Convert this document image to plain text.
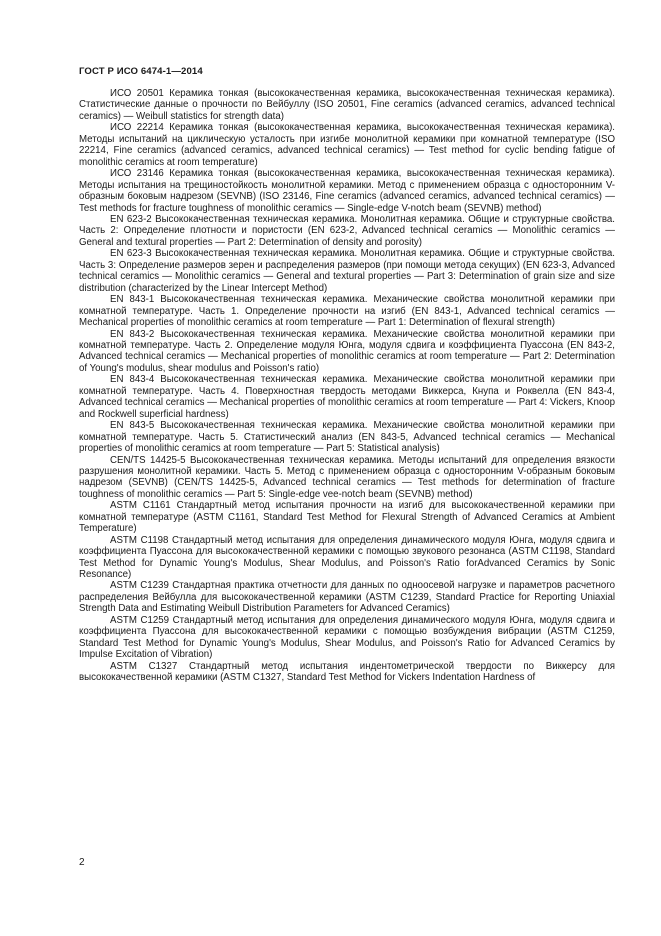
ГОСТ Р ИСО 6474-1—2014

ИСО 20501 Керамика тонкая (высококачественная керамика, высококачественная техническая керамика). Статистические данные о прочности по Вейбуллу (ISO 20501, Fine ceramics (advanced ceramics, advanced technical ceramics) — Weibull statistics for strength data)

ИСО 22214 Керамика тонкая (высококачественная керамика, высококачественная техническая керамика). Методы испытаний на циклическую усталость при изгибе монолитной керамики при комнатной температуре (ISO 22214, Fine ceramics (advanced ceramics, advanced technical ceramics) — Test method for cyclic bending fatigue of monolithic ceramics at room temperature)

ИСО 23146 Керамика тонкая (высококачественная керамика, высококачественная техническая керамика). Методы испытания на трещиностойкость монолитной керамики. Метод с применением образца с односторонним V-образным боковым надрезом (SEVNB) (ISO 23146, Fine ceramics (advanced ceramics, advanced technical ceramics) — Test methods for fracture toughness of monolithic ceramics — Single-edge V-notch beam (SEVNB) method)

EN 623-2 Высококачественная техническая керамика. Монолитная керамика. Общие и структурные свойства. Часть 2: Определение плотности и пористости (EN 623-2, Advanced technical ceramics — Monolithic ceramics — General and textural properties — Part 2: Determination of density and porosity)

EN 623-3 Высококачественная техническая керамика. Монолитная керамика. Общие и структурные свойства. Часть 3: Определение размеров зерен и распределения размеров (при помощи метода секущих) (EN 623-3, Advanced technical ceramics — Monolithic ceramics — General and textural properties — Part 3: Determination of grain size and size distribution (characterized by the Linear Intercept Method)

EN 843-1 Высококачественная техническая керамика. Механические свойства монолитной керамики при комнатной температуре. Часть 1. Определение прочности на изгиб (EN 843-1, Advanced technical ceramics — Mechanical properties of monolithic ceramics at room temperature — Part 1: Determination of flexural strength)

EN 843-2 Высококачественная техническая керамика. Механические свойства монолитной керамики при комнатной температуре. Часть 2. Определение модуля Юнга, модуля сдвига и коэффициента Пуассона (EN 843-2, Advanced technical ceramics — Mechanical properties of monolithic ceramics at room temperature — Part 2: Determination of Young's modulus, shear modulus and Poisson's ratio)

EN 843-4 Высококачественная техническая керамика. Механические свойства монолитной керамики при комнатной температуре. Часть 4. Поверхностная твердость методами Виккерса, Кнупа и Роквелла (EN 843-4, Advanced technical ceramics — Mechanical properties of monolithic ceramics at room temperature — Part 4: Vickers, Knoop and Rockwell superficial hardness)

EN 843-5 Высококачественная техническая керамика. Механические свойства монолитной керамики при комнатной температуре. Часть 5. Статистический анализ (EN 843-5, Advanced technical ceramics — Mechanical properties of monolithic ceramics at room temperature — Part 5: Statistical analysis)

CEN/TS 14425-5 Высококачественная техническая керамика. Методы испытаний для определения вязкости разрушения монолитной керамики. Часть 5. Метод с применением образца с односторонним V-образным боковым надрезом (SEVNB) (CEN/TS 14425-5, Advanced technical ceramics — Test methods for determination of fracture toughness of monolithic ceramics — Part 5: Single-edge vee-notch beam (SEVNB) method)

ASTM C1161 Стандартный метод испытания прочности на изгиб для высококачественной керамики при комнатной температуре (ASTM C1161, Standard Test Method for Flexural Strength of Advanced Ceramics at Ambient Temperature)

ASTM C1198 Стандартный метод испытания для определения динамического модуля Юнга, модуля сдвига и коэффициента Пуассона для высококачественной керамики с помощью звукового резонанса (ASTM C1198, Standard Test Method for Dynamic Young's Modulus, Shear Modulus, and Poisson's Ratio forAdvanced Ceramics by Sonic Resonance)

ASTM C1239 Стандартная практика отчетности для данных по одноосевой нагрузке и параметров расчетного распределения Вейбулла для высококачественной керамики (ASTM C1239, Standard Practice for Reporting Uniaxial Strength Data and Estimating Weibull Distribution Parameters for Advanced Ceramics)

ASTM C1259 Стандартный метод испытания для определения динамического модуля Юнга, модуля сдвига и коэффициента Пуассона для высококачественной керамики с помощью возбуждения вибрации (ASTM C1259, Standard Test Method for Dynamic Young's Modulus, Shear Modulus, and Poisson's Ratio for Advanced Ceramics by Impulse Excitation of Vibration)

ASTM C1327 Стандартный метод испытания индентометрической твердости по Виккерсу для высококачественной керамики (ASTM C1327, Standard Test Method for Vickers Indentation Hardness of

2
